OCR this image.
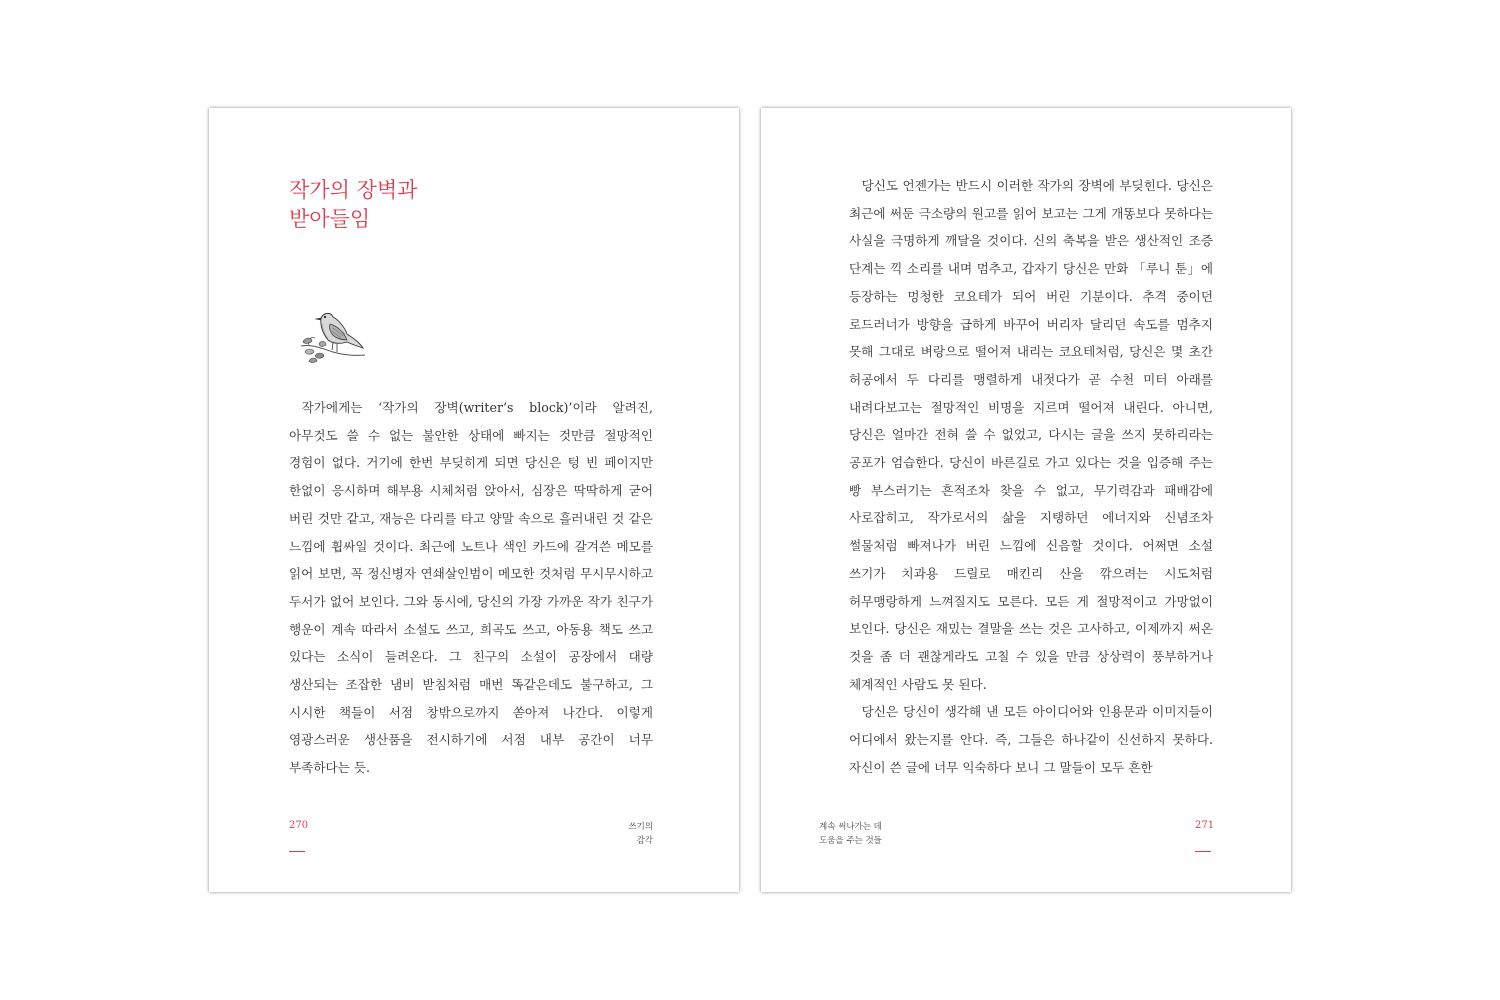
작가의 장벽과
받아들임

작가에게는 ‘작가의 장벽(writer’s block)’이라 알려진, 아무것도 쓸 수 없는 불안한 상태에 빠지는 것만큼 절망적인 경험이 없다. 거기에 한번 부딪히게 되면 당신은 텅 빈 페이지만 한없이 응시하며 해부용 시체처럼 앉아서, 심장은 딱딱하게 굳어 버린 것만 같고, 재능은 다리를 타고 양말 속으로 흘러내린 것 같은 느낌에 휩싸일 것이다. 최근에 노트나 색인 카드에 갈겨쓴 메모를 읽어 보면, 꼭 정신병자 연쇄살인범이 메모한 것처럼 무시무시하고 두서가 없어 보인다. 그와 동시에, 당신의 가장 가까운 작가 친구가 행운이 계속 따라서 소설도 쓰고, 희곡도 쓰고, 아동용 책도 쓰고 있다는 소식이 들려온다. 그 친구의 소설이 공장에서 대량 생산되는 조잡한 냄비 받침처럼 매번 똑같은데도 불구하고, 그 시시한 책들이 서점 창밖으로까지 쏟아져 나간다. 이렇게 영광스러운 생산품을 전시하기에 서점 내부 공간이 너무 부족하다는 듯.

270	쓰기의
감각

당신도 언젠가는 반드시 이러한 작가의 장벽에 부딪힌다. 당신은 최근에 써둔 극소량의 원고를 읽어 보고는 그게 개똥보다 못하다는 사실을 극명하게 깨달을 것이다. 신의 축복을 받은 생산적인 조증 단계는 끽 소리를 내며 멈추고, 갑자기 당신은 만화 「루니 툰」에 등장하는 멍청한 코요테가 되어 버린 기분이다. 추격 중이던 로드러너가 방향을 급하게 바꾸어 버리자 달리던 속도를 멈추지 못해 그대로 벼랑으로 떨어져 내리는 코요테처럼, 당신은 몇 초간 허공에서 두 다리를 맹렬하게 내젓다가 곧 수천 미터 아래를 내려다보고는 절망적인 비명을 지르며 떨어져 내린다. 아니면, 당신은 얼마간 전혀 쓸 수 없었고, 다시는 글을 쓰지 못하리라는 공포가 엄습한다. 당신이 바른길로 가고 있다는 것을 입증해 주는 빵 부스러기는 흔적조차 찾을 수 없고, 무기력감과 패배감에 사로잡히고, 작가로서의 삶을 지탱하던 에너지와 신념조차 썰물처럼 빠져나가 버린 느낌에 신음할 것이다. 어쩌면 소설 쓰기가 치과용 드릴로 매킨리 산을 깎으려는 시도처럼 허무맹랑하게 느껴질지도 모른다. 모든 게 절망적이고 가망없이 보인다. 당신은 재밌는 결말을 쓰는 것은 고사하고, 이제까지 써온 것을 좀 더 괜찮게라도 고칠 수 있을 만큼 상상력이 풍부하거나 체계적인 사람도 못 된다.

당신은 당신이 생각해 낸 모든 아이디어와 인용문과 이미지들이 어디에서 왔는지를 안다. 즉, 그들은 하나같이 신선하지 못하다. 자신이 쓴 글에 너무 익숙하다 보니 그 말들이 모두 흔한

계속 써나가는 데
도움을 주는 것들
271
